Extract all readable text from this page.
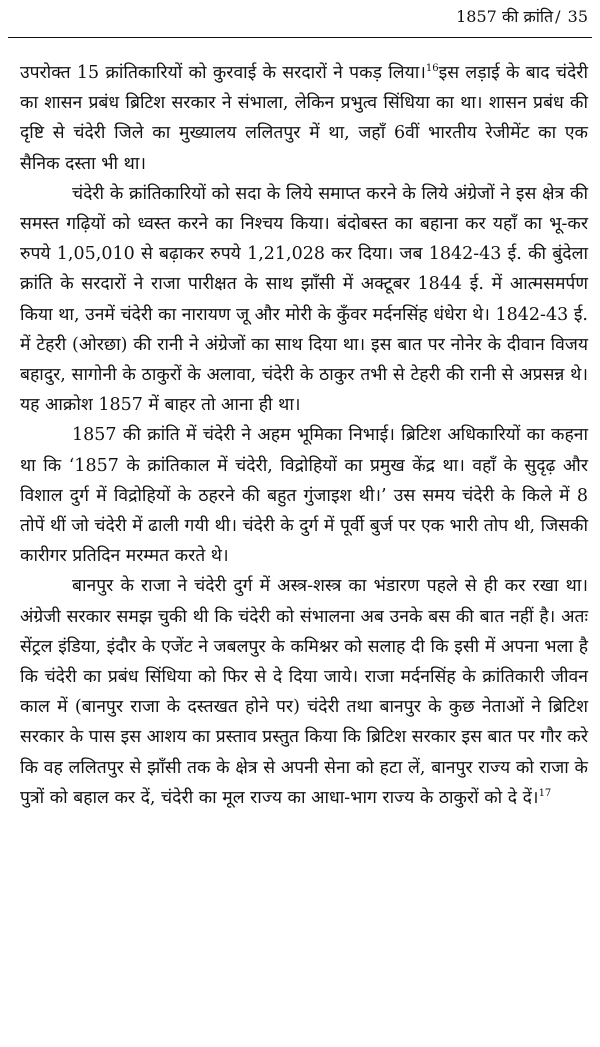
1857 की क्रांति / 35

उपरोक्त 15 क्रांतिकारियों को कुरवाई के सरदारों ने पकड़ लिया।$^{16}$इस लड़ाई के बाद चंदेरी का शासन प्रबंध ब्रिटिश सरकार ने संभाला, लेकिन प्रभुत्व सिंधिया का था। शासन प्रबंध की दृष्टि से चंदेरी जिले का मुख्यालय ललितपुर में था, जहाँ 6वीं भारतीय रेजीमेंट का एक सैनिक दस्ता भी था।

चंदेरी के क्रांतिकारियों को सदा के लिये समाप्त करने के लिये अंग्रेजों ने इस क्षेत्र की समस्त गढ़ियों को ध्वस्त करने का निश्चय किया। बंदोबस्त का बहाना कर यहाँ का भू-कर रुपये 1,05,010 से बढ़ाकर रुपये 1,21,028 कर दिया। जब 1842-43 ई. की बुंदेला क्रांति के सरदारों ने राजा पारीक्षत के साथ झाँसी में अक्टूबर 1844 ई. में आत्मसमर्पण किया था, उनमें चंदेरी का नारायण जू और मोरी के कुँवर मर्दनसिंह धंधेरा थे। 1842-43 ई. में टेहरी (ओरछा) की रानी ने अंग्रेजों का साथ दिया था। इस बात पर नोनेर के दीवान विजय बहादुर, सागोनी के ठाकुरों के अलावा, चंदेरी के ठाकुर तभी से टेहरी की रानी से अप्रसन्न थे। यह आक्रोश 1857 में बाहर तो आना ही था।

1857 की क्रांति में चंदेरी ने अहम भूमिका निभाई। ब्रिटिश अधिकारियों का कहना था कि ‘1857 के क्रांतिकाल में चंदेरी, विद्रोहियों का प्रमुख केंद्र था। वहाँ के सुदृढ़ और विशाल दुर्ग में विद्रोहियों के ठहरने की बहुत गुंजाइश थी।’ उस समय चंदेरी के किले में 8 तोपें थीं जो चंदेरी में ढाली गयी थी। चंदेरी के दुर्ग में पूर्वी बुर्ज पर एक भारी तोप थी, जिसकी कारीगर प्रतिदिन मरम्मत करते थे।

बानपुर के राजा ने चंदेरी दुर्ग में अस्त्र-शस्त्र का भंडारण पहले से ही कर रखा था। अंग्रेजी सरकार समझ चुकी थी कि चंदेरी को संभालना अब उनके बस की बात नहीं है। अतः सेंट्रल इंडिया, इंदौर के एजेंट ने जबलपुर के कमिश्नर को सलाह दी कि इसी में अपना भला है कि चंदेरी का प्रबंध सिंधिया को फिर से दे दिया जाये। राजा मर्दनसिंह के क्रांतिकारी जीवन काल में (बानपुर राजा के दस्तखत होने पर) चंदेरी तथा बानपुर के कुछ नेताओं ने ब्रिटिश सरकार के पास इस आशय का प्रस्ताव प्रस्तुत किया कि ब्रिटिश सरकार इस बात पर गौर करे कि वह ललितपुर से झाँसी तक के क्षेत्र से अपनी सेना को हटा लें, बानपुर राज्य को राजा के पुत्रों को बहाल कर दें, चंदेरी का मूल राज्य का आधा-भाग राज्य के ठाकुरों को दे दें।$^{17}$
